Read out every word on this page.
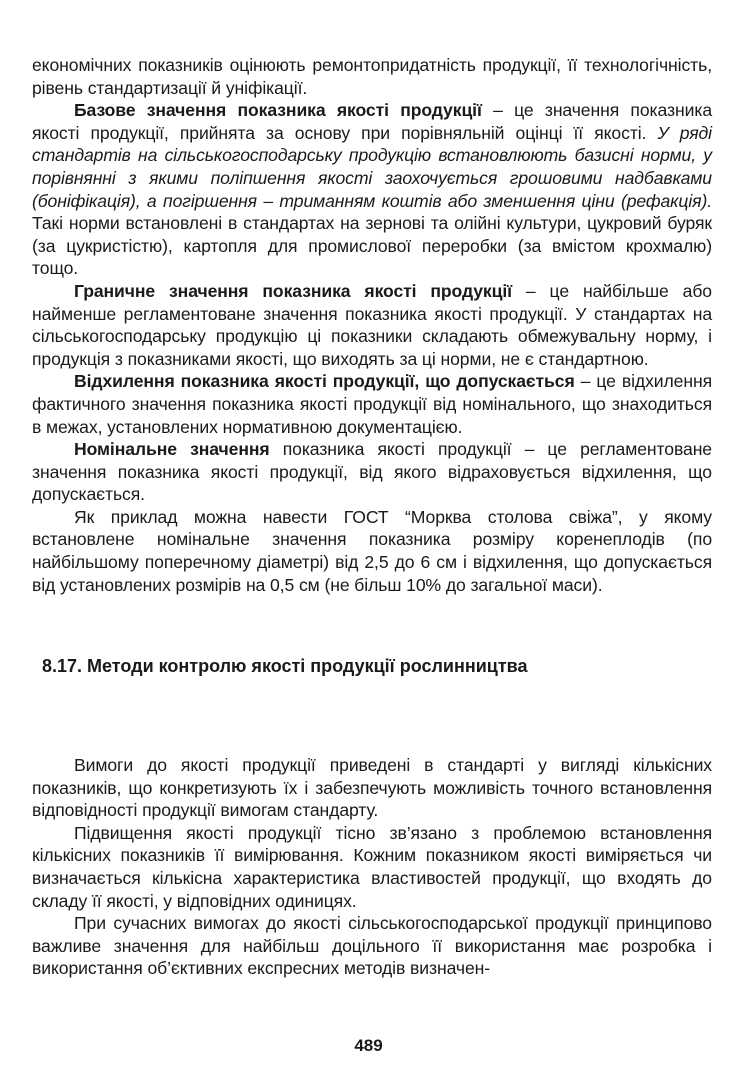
економічних показників оцінюють ремонтопридатність продукції, її технологічність, рівень стандартизації й уніфікації.

Базове значення показника якості продукції – це значення показника якості продукції, прийнята за основу при порівняльній оцінці її якості. У ряді стандартів на сільськогосподарську продукцію встановлюють базисні норми, у порівнянні з якими поліпшення якості заохочується грошовими надбавками (боніфікація), а погіршення – триманням коштів або зменшення ціни (рефакція). Такі норми встановлені в стандартах на зернові та олійні культури, цукровий буряк (за цукристістю), картопля для промислової переробки (за вмістом крохмалю) тощо.

Граничне значення показника якості продукції – це найбільше або найменше регламентоване значення показника якості продукції. У стандартах на сільськогосподарську продукцію ці показники складають обмежувальну норму, і продукція з показниками якості, що виходять за ці норми, не є стандартною.

Відхилення показника якості продукції, що допускається – це відхилення фактичного значення показника якості продукції від номінального, що знаходиться в межах, установлених нормативною документацією.

Номінальне значення показника якості продукції – це регламентоване значення показника якості продукції, від якого відраховується відхилення, що допускається.

Як приклад можна навести ГОСТ “Морква столова свіжа”, у якому встановлене номінальне значення показника розміру коренеплодів (по найбільшому поперечному діаметрі) від 2,5 до 6 см і відхилення, що допускається від установлених розмірів на 0,5 см (не більш 10% до загальної маси).

8.17. Методи контролю якості продукції рослинництва

Вимоги до якості продукції приведені в стандарті у вигляді кількісних показників, що конкретизують їх і забезпечують можливість точного встановлення відповідності продукції вимогам стандарту.

Підвищення якості продукції тісно зв’язано з проблемою встановлення кількісних показників її вимірювання. Кожним показником якості виміряється чи визначається кількісна характеристика властивостей продукції, що входять до складу її якості, у відповідних одиницях.

При сучасних вимогах до якості сільськогосподарської продукції принципово важливе значення для найбільш доцільного її використання має розробка і використання об’єктивних експресних методів визначен-

489
